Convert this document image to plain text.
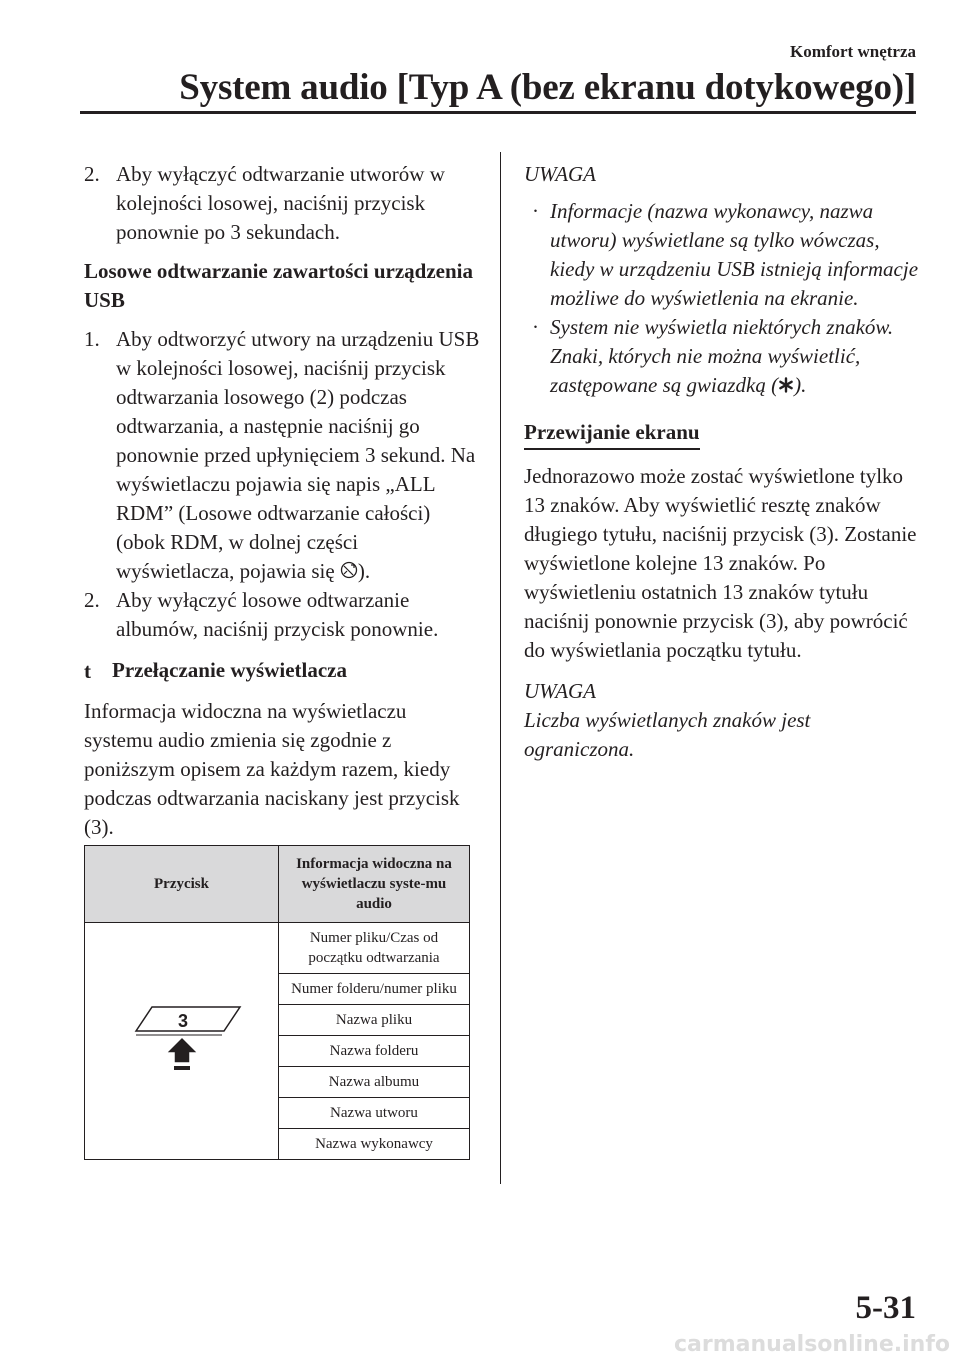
Komfort wnętrza
System audio [Typ A (bez ekranu dotykowego)]
2. Aby wyłączyć odtwarzanie utworów w kolejności losowej, naciśnij przycisk ponownie po 3 sekundach.

Losowe odtwarzanie zawartości urządzenia USB

1. Aby odtworzyć utwory na urządzeniu USB w kolejności losowej, naciśnij przycisk odtwarzania losowego (2) podczas odtwarzania, a następnie naciśnij go ponownie przed upłynięciem 3 sekund. Na wyświetlaczu pojawia się napis „ALL RDM” (Losowe odtwarzanie całości) (obok RDM, w dolnej części wyświetlacza, pojawia się ).
2. Aby wyłączyć losowe odtwarzanie albumów, naciśnij przycisk ponownie.
t Przełączanie wyświetlacza

Informacja widoczna na wyświetlaczu systemu audio zmienia się zgodnie z poniższym opisem za każdym razem, kiedy podczas odtwarzania naciskany jest przycisk (3).

Przycisk	Informacja widoczna na wyświetlaczu syste-mu audio

3	Numer pliku/Czas od początku odtwarzania
	Numer folderu/numer pliku
	Nazwa pliku
	Nazwa folderu
	Nazwa albumu
	Nazwa utworu
	Nazwa wykonawcy

UWAGA

· Informacje (nazwa wykonawcy, nazwa utworu) wyświetlane są tylko wówczas, kiedy w urządzeniu USB istnieją informacje możliwe do wyświetlenia na ekranie.
· System nie wyświetla niektórych znaków. Znaki, których nie można wyświetlić, zastępowane są gwiazdką ( ).
Przewijanie ekranu

Jednorazowo może zostać wyświetlone tylko 13 znaków. Aby wyświetlić resztę znaków długiego tytułu, naciśnij przycisk (3). Zostanie wyświetlone kolejne 13 znaków. Po wyświetleniu ostatnich 13 znaków tytułu naciśnij ponownie przycisk (3), aby powrócić do wyświetlania początku tytułu.

UWAGA

Liczba wyświetlanych znaków jest ograniczona.

5-31
carmanualsonline.info
